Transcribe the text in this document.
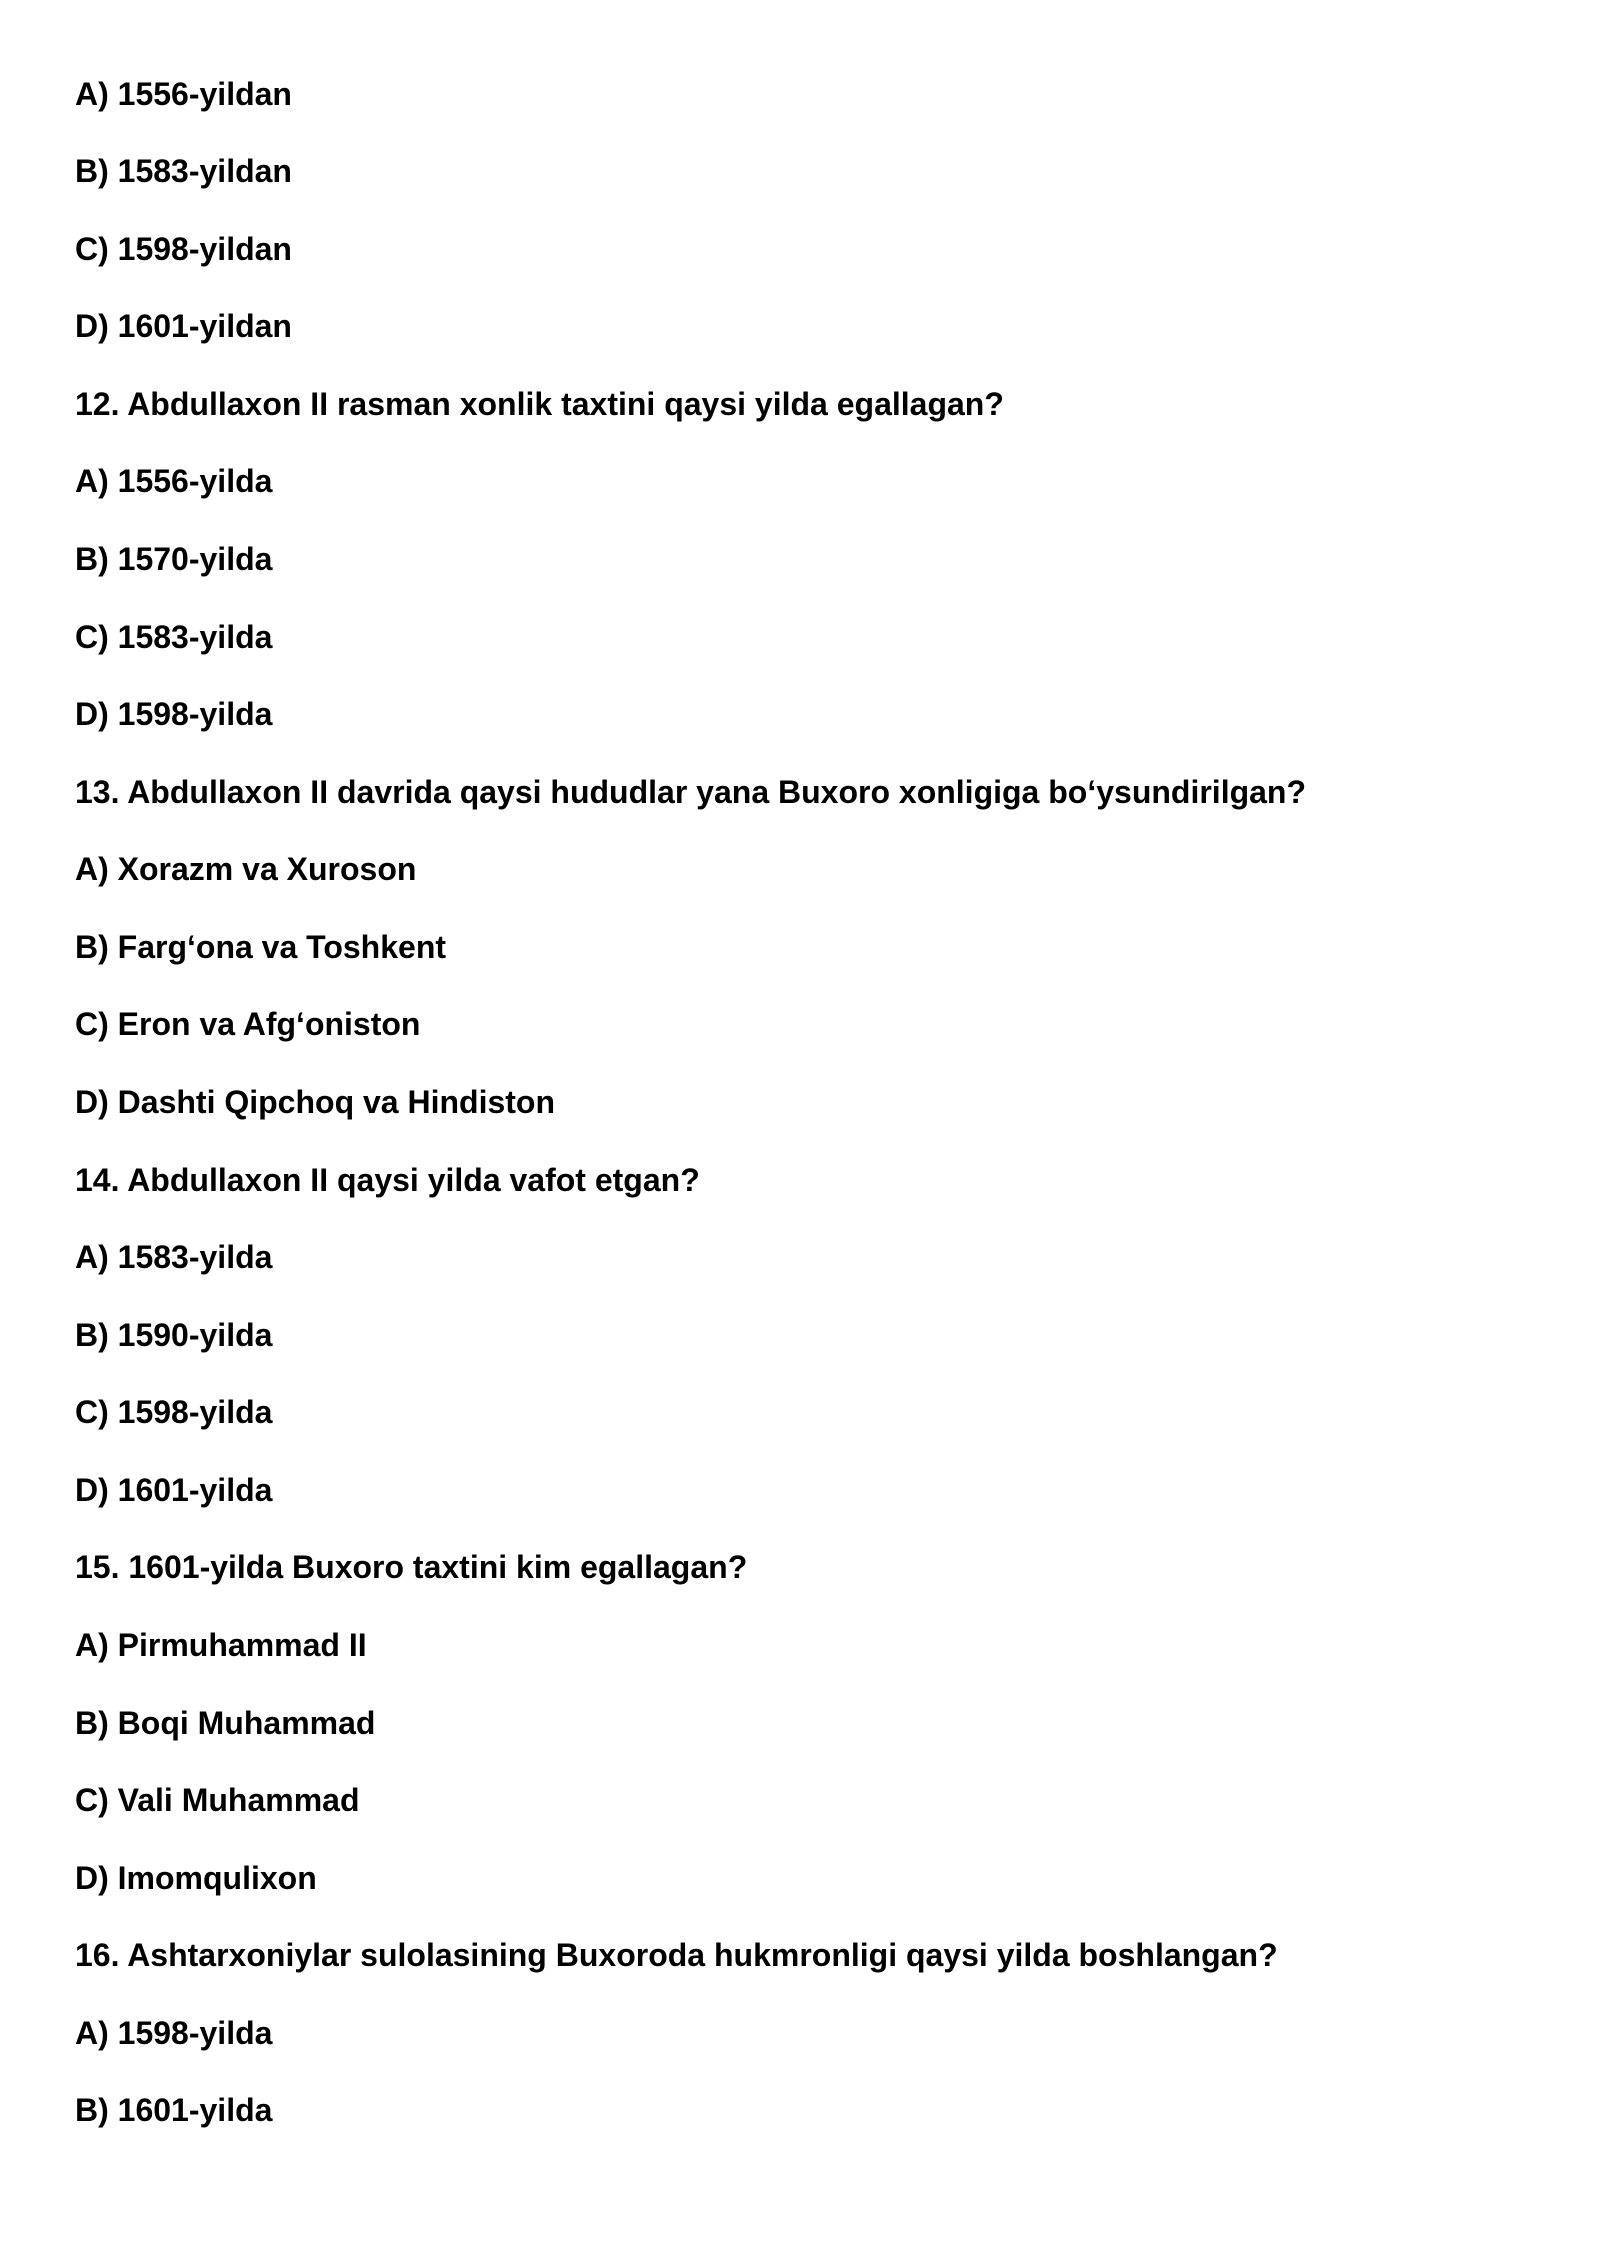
A) 1556-yildan

B) 1583-yildan

C) 1598-yildan

D) 1601-yildan

12. Abdullaxon II rasman xonlik taxtini qaysi yilda egallagan?

A) 1556-yilda

B) 1570-yilda

C) 1583-yilda

D) 1598-yilda

13. Abdullaxon II davrida qaysi hududlar yana Buxoro xonligiga bo‘ysundirilgan?

A) Xorazm va Xuroson

B) Farg‘ona va Toshkent

C) Eron va Afg‘oniston

D) Dashti Qipchoq va Hindiston

14. Abdullaxon II qaysi yilda vafot etgan?

A) 1583-yilda

B) 1590-yilda

C) 1598-yilda

D) 1601-yilda

15. 1601-yilda Buxoro taxtini kim egallagan?

A) Pirmuhammad II

B) Boqi Muhammad

C) Vali Muhammad

D) Imomqulixon

16. Ashtarxoniylar sulolasining Buxoroda hukmronligi qaysi yilda boshlangan?

A) 1598-yilda

B) 1601-yilda
